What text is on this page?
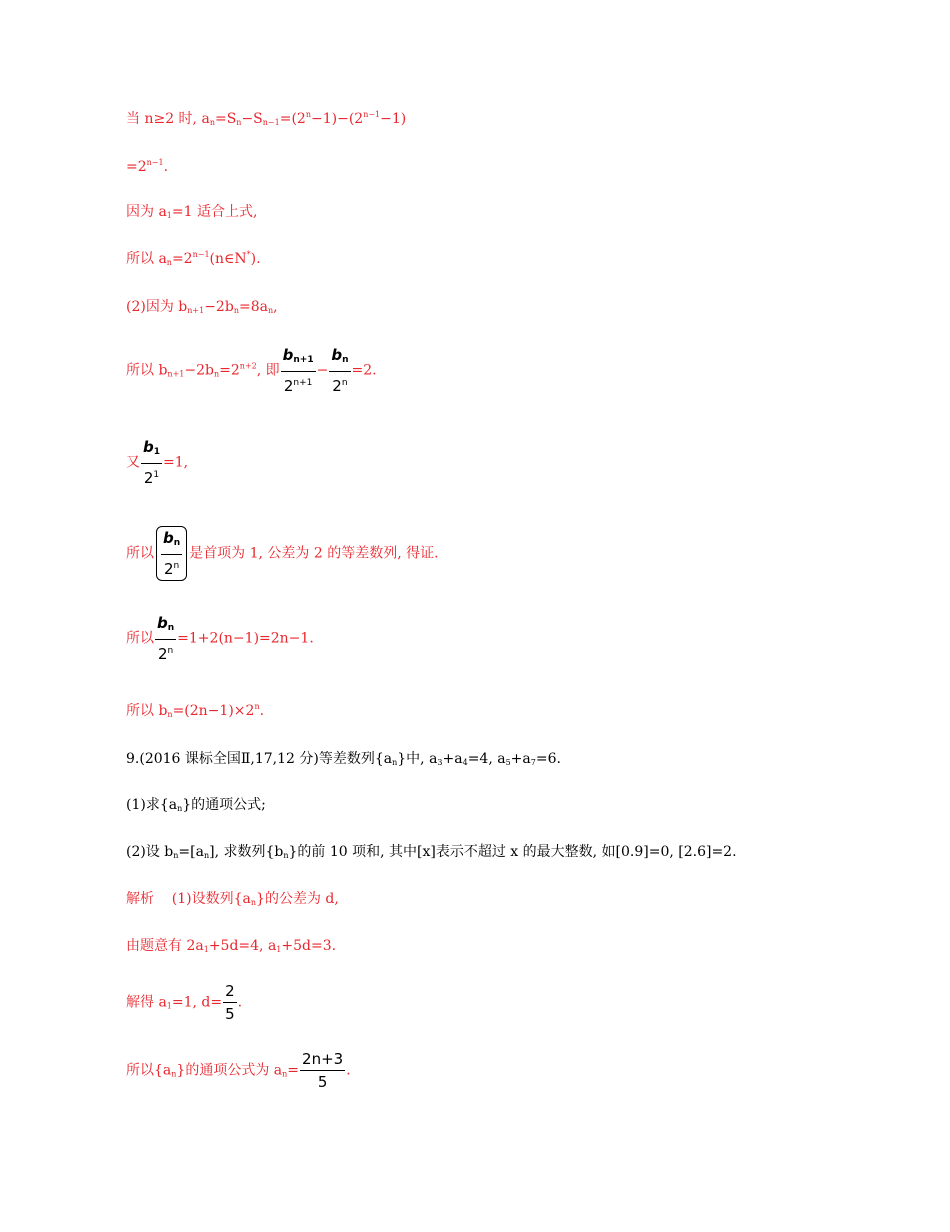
当 n≥2 时, $a_n=S_n-S_{n-1}=(2^n-1)-(2^{n-1}-1)$
$=2^{n-1}$.
因为 $a_1=1$ 适合上式,
所以 $a_n=2^{n-1}(n\in N^*)$.
(2)因为 $b_{n+1}-2b_n=8a_n$,
所以 $b_{n+1}-2b_n=2^{n+2}$, 即 $\frac{bn+1}{2^{n+1}} - \frac{bn}{2^n} =2$.
又 $\frac{b1}{2^1} =1$,
所以 $\frac{bn}{2^n}$ 是首项为 1, 公差为 2 的等差数列, 得证.
所以 $\frac{bn}{2^n} =1+2(n-1)=2n-1$.
所以 $b_n=(2n-1)\times 2^n$.
9.(2016 课标全国Ⅱ,17,12 分)等差数列$\{a_n\}$中, $a_3+a_4=4$, $a_5+a_7=6$.
(1)求$\{a_n\}$的通项公式;
(2)设 $b_n=[a_n]$, 求数列$\{b_n\}$的前 10 项和, 其中[x]表示不超过 x 的最大整数, 如[0.9]=0, [2.6]=2.
解析    (1)设数列$\{a_n\}$的公差为 d,
由题意有 $2a_1+5d=4$, $a_1+5d=3$.
解得 $a_1=1$, $d= \frac{2}{5}$ .
所以$\{a_n\}$的通项公式为 $a_n= \frac{2n+3}{5}$ .
